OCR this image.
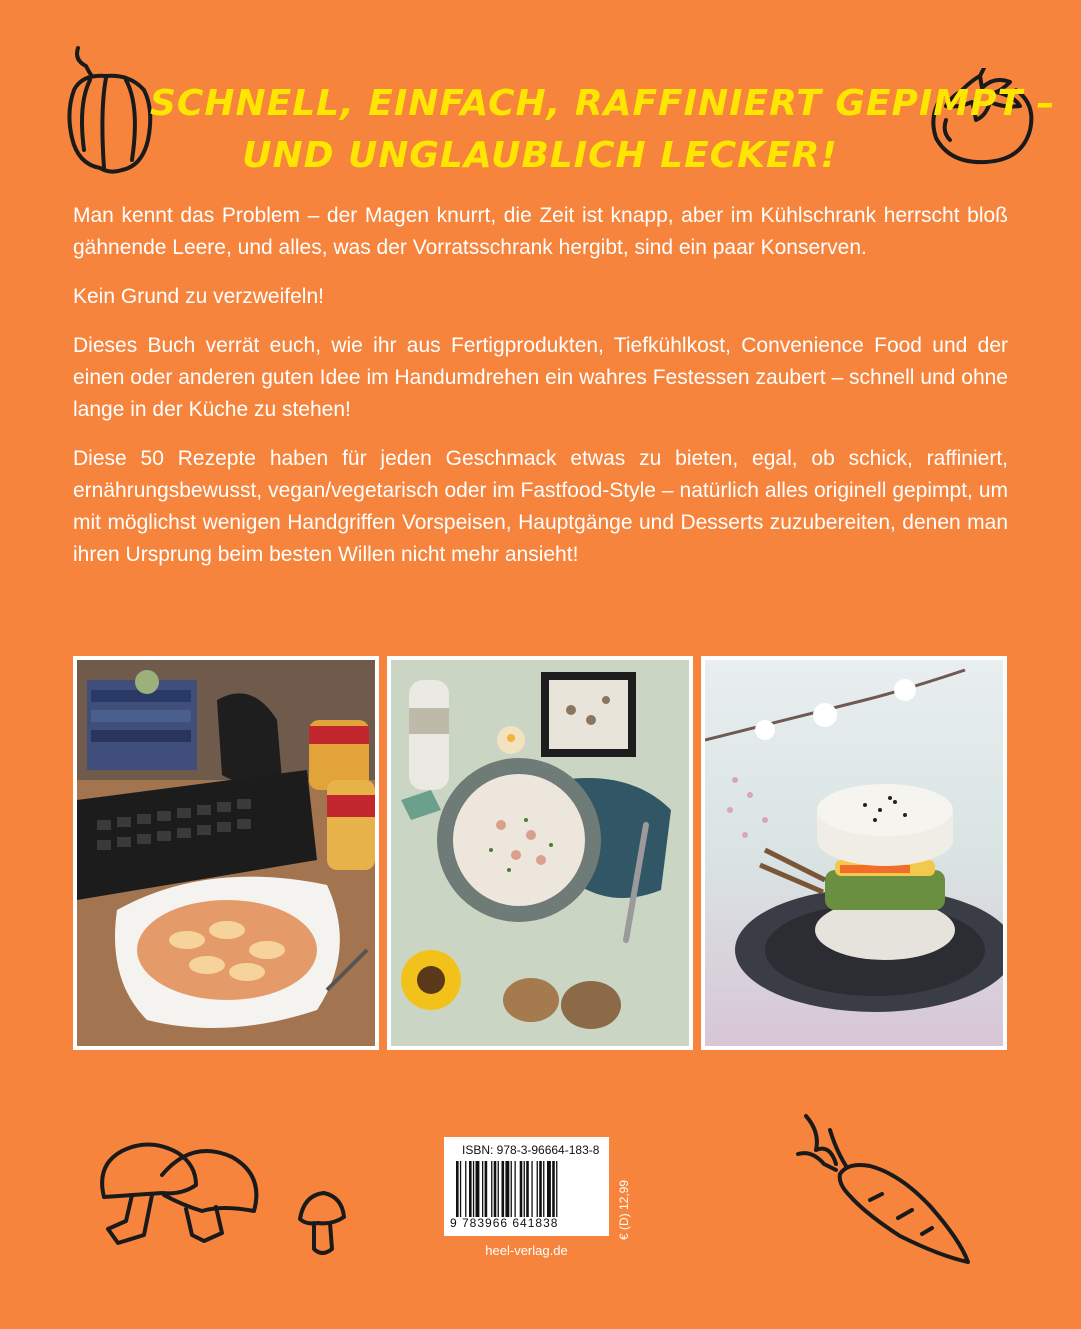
SCHNELL, EINFACH, RAFFINIERT GEPIMPT –
UND UNGLAUBLICH LECKER!

Man kennt das Problem – der Magen knurrt, die Zeit ist knapp, aber im Kühlschrank herrscht bloß gähnende Leere, und alles, was der Vorratsschrank hergibt, sind ein paar Konserven.

Kein Grund zu verzweifeln!

Dieses Buch verrät euch, wie ihr aus Fertigprodukten, Tiefkühlkost, Convenience Food und der einen oder anderen guten Idee im Handumdrehen ein wahres Festessen zaubert – schnell und ohne lange in der Küche zu stehen!

Diese 50 Rezepte haben für jeden Geschmack etwas zu bieten, egal, ob schick, raffiniert, ernährungsbewusst, vegan/vegetarisch oder im Fastfood-Style – natürlich alles originell gepimpt, um mit möglichst wenigen Handgriffen Vorspeisen, Hauptgänge und Desserts zuzubereiten, denen man ihren Ursprung beim besten Willen nicht mehr ansieht!

ISBN: 978-3-96664-183-8
9 783966 641838	€ (D) 12,99
heel-verlag.de
